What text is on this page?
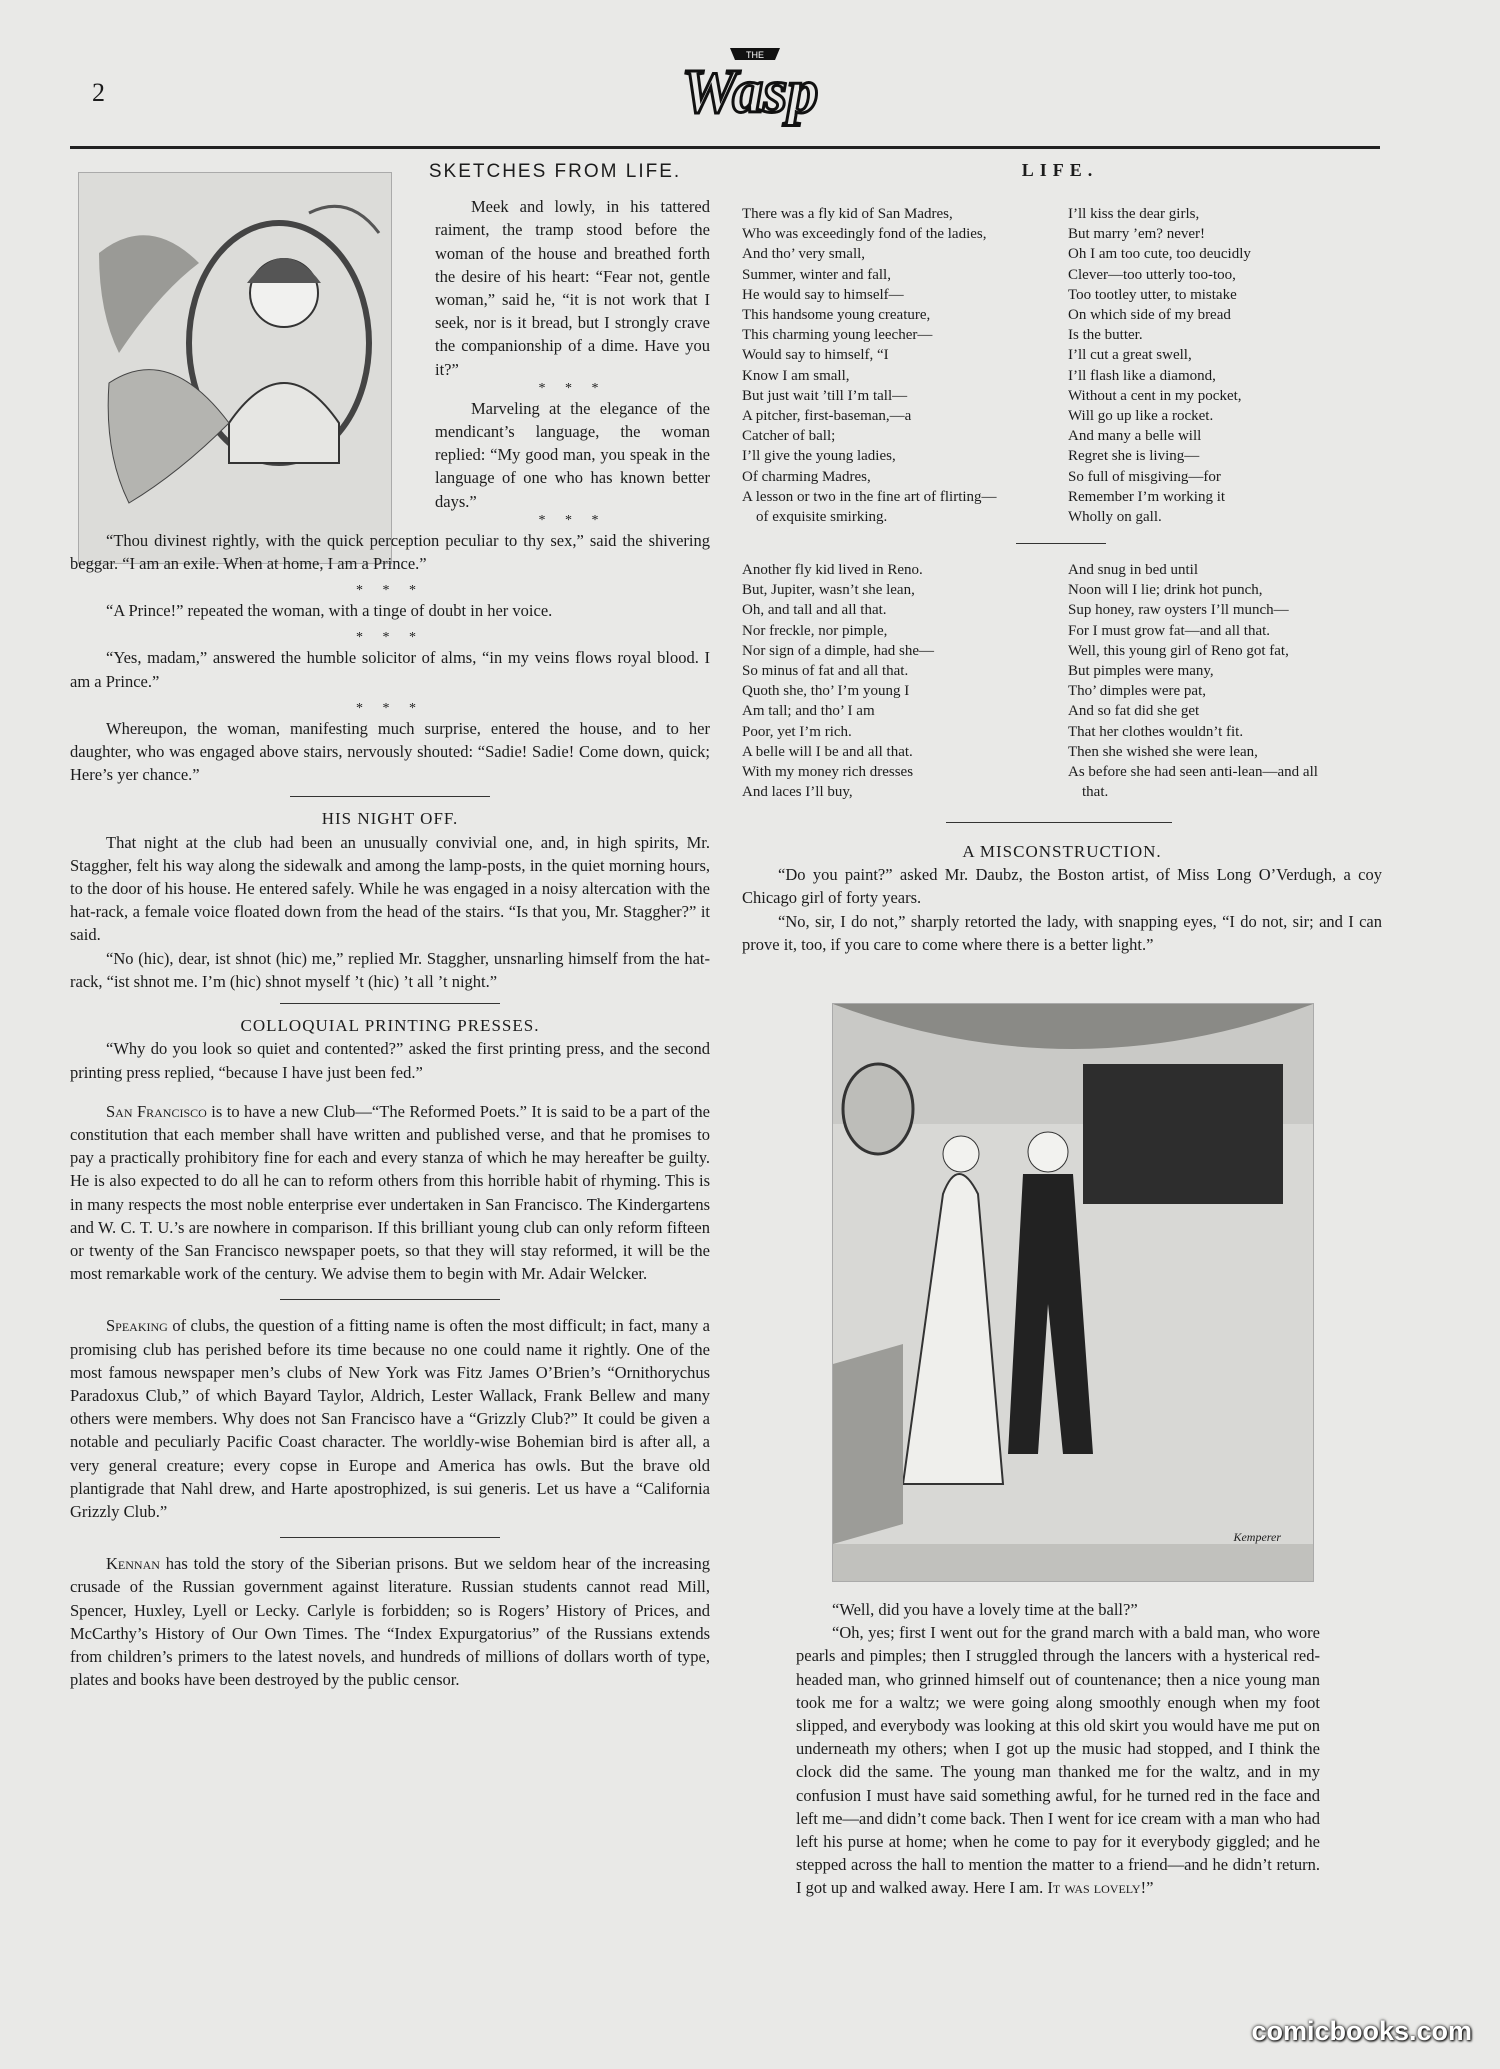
2
THE
Wasp
SKETCHES FROM LIFE.

Meek and lowly, in his tattered raiment, the tramp stood before the woman of the house and breathed forth the desire of his heart: “Fear not, gentle woman,” said he, “it is not work that I seek, nor is it bread, but I strongly crave the companionship of a dime. Have you it?”

* * *

Marveling at the elegance of the mendicant’s language, the woman replied: “My good man, you speak in the language of one who has known better days.”

* * *

“Thou divinest rightly, with the quick perception peculiar to thy sex,” said the shivering beggar. “I am an exile. When at home, I am a Prince.”

* * *

“A Prince!” repeated the woman, with a tinge of doubt in her voice.

* * *

“Yes, madam,” answered the humble solicitor of alms, “in my veins flows royal blood. I am a Prince.”

* * *

Whereupon, the woman, manifesting much surprise, entered the house, and to her daughter, who was engaged above stairs, nervously shouted: “Sadie! Sadie! Come down, quick; Here’s yer chance.”

HIS NIGHT OFF.

That night at the club had been an unusually convivial one, and, in high spirits, Mr. Staggher, felt his way along the sidewalk and among the lamp-posts, in the quiet morning hours, to the door of his house. He entered safely. While he was engaged in a noisy altercation with the hat-rack, a female voice floated down from the head of the stairs. “Is that you, Mr. Staggher?” it said.

“No (hic), dear, ist shnot (hic) me,” replied Mr. Staggher, unsnarling himself from the hat-rack, “ist shnot me. I’m (hic) shnot myself ’t (hic) ’t all ’t night.”

COLLOQUIAL PRINTING PRESSES.

“Why do you look so quiet and contented?” asked the first printing press, and the second printing press replied, “because I have just been fed.”

San Francisco is to have a new Club—“The Reformed Poets.” It is said to be a part of the constitution that each member shall have written and published verse, and that he promises to pay a practically prohibitory fine for each and every stanza of which he may hereafter be guilty. He is also expected to do all he can to reform others from this horrible habit of rhyming. This is in many respects the most noble enterprise ever undertaken in San Francisco. The Kindergartens and W. C. T. U.’s are nowhere in comparison. If this brilliant young club can only reform fifteen or twenty of the San Francisco newspaper poets, so that they will stay reformed, it will be the most remarkable work of the century. We advise them to begin with Mr. Adair Welcker.

Speaking of clubs, the question of a fitting name is often the most difficult; in fact, many a promising club has perished before its time because no one could name it rightly. One of the most famous newspaper men’s clubs of New York was Fitz James O’Brien’s “Ornithorychus Paradoxus Club,” of which Bayard Taylor, Aldrich, Lester Wallack, Frank Bellew and many others were members. Why does not San Francisco have a “Grizzly Club?” It could be given a notable and peculiarly Pacific Coast character. The worldly-wise Bohemian bird is after all, a very general creature; every copse in Europe and America has owls. But the brave old plantigrade that Nahl drew, and Harte apostrophized, is sui generis. Let us have a “California Grizzly Club.”

Kennan has told the story of the Siberian prisons. But we seldom hear of the increasing crusade of the Russian government against literature. Russian students cannot read Mill, Spencer, Huxley, Lyell or Lecky. Carlyle is forbidden; so is Rogers’ History of Prices, and McCarthy’s History of Our Own Times. The “Index Expurgatorius” of the Russians extends from children’s primers to the latest novels, and hundreds of millions of dollars worth of type, plates and books have been destroyed by the public censor.

LIFE.
There was a fly kid of San Madres,
Who was exceedingly fond of the ladies,
And tho’ very small,
Summer, winter and fall,
He would say to himself—
This handsome young creature,
This charming young leecher—
Would say to himself, “I
Know I am small,
But just wait ’till I’m tall—
A pitcher, first-baseman,—a
Catcher of ball;
I’ll give the young ladies,
Of charming Madres,
A lesson or two in the fine art of flirting—
of exquisite smirking.
I’ll kiss the dear girls,
But marry ’em? never!
Oh I am too cute, too deucidly
Clever—too utterly too-too,
Too tootley utter, to mistake
On which side of my bread
Is the butter.
I’ll cut a great swell,
I’ll flash like a diamond,
Without a cent in my pocket,
Will go up like a rocket.
And many a belle will
Regret she is living—
So full of misgiving—for
Remember I’m working it
Wholly on gall.
Another fly kid lived in Reno.
But, Jupiter, wasn’t she lean,
Oh, and tall and all that.
Nor freckle, nor pimple,
Nor sign of a dimple, had she—
So minus of fat and all that.
Quoth she, tho’ I’m young I
Am tall; and tho’ I am
Poor, yet I’m rich.
A belle will I be and all that.
With my money rich dresses
And laces I’ll buy,
And snug in bed until
Noon will I lie; drink hot punch,
Sup honey, raw oysters I’ll munch—
For I must grow fat—and all that.
Well, this young girl of Reno got fat,
But pimples were many,
Tho’ dimples were pat,
And so fat did she get
That her clothes wouldn’t fit.
Then she wished she were lean,
As before she had seen anti-lean—and all
that.
A MISCONSTRUCTION.

“Do you paint?” asked Mr. Daubz, the Boston artist, of Miss Long O’Verdugh, a coy Chicago girl of forty years.

“No, sir, I do not,” sharply retorted the lady, with snapping eyes, “I do not, sir; and I can prove it, too, if you care to come where there is a better light.”

Kemperer

“Well, did you have a lovely time at the ball?”

“Oh, yes; first I went out for the grand march with a bald man, who wore pearls and pimples; then I struggled through the lancers with a hysterical red-headed man, who grinned himself out of countenance; then a nice young man took me for a waltz; we were going along smoothly enough when my foot slipped, and everybody was looking at this old skirt you would have me put on underneath my others; when I got up the music had stopped, and I think the clock did the same. The young man thanked me for the waltz, and in my confusion I must have said something awful, for he turned red in the face and left me—and didn’t come back. Then I went for ice cream with a man who had left his purse at home; when he come to pay for it everybody giggled; and he stepped across the hall to mention the matter to a friend—and he didn’t return. I got up and walked away. Here I am. It was lovely!”

comicbooks.com
